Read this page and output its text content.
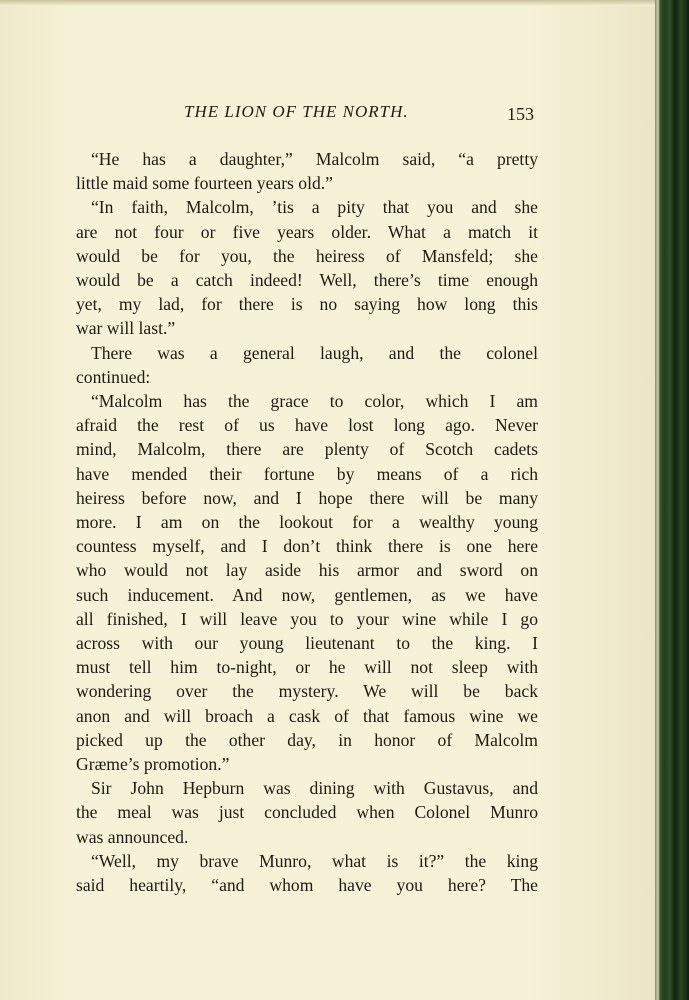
THE LION OF THE NORTH.	153

“He has a daughter,” Malcolm said, “a pretty

little maid some fourteen years old.”

“In faith, Malcolm, ’tis a pity that you and she

are not four or five years older. What a match it

would be for you, the heiress of Mansfeld; she

would be a catch indeed! Well, there’s time enough

yet, my lad, for there is no saying how long this

war will last.”

There was a general laugh, and the colonel

continued:

“Malcolm has the grace to color, which I am

afraid the rest of us have lost long ago. Never

mind, Malcolm, there are plenty of Scotch cadets

have mended their fortune by means of a rich

heiress before now, and I hope there will be many

more. I am on the lookout for a wealthy young

countess myself, and I don’t think there is one here

who would not lay aside his armor and sword on

such inducement. And now, gentlemen, as we have

all finished, I will leave you to your wine while I go

across with our young lieutenant to the king. I

must tell him to-night, or he will not sleep with

wondering over the mystery. We will be back

anon and will broach a cask of that famous wine we

picked up the other day, in honor of Malcolm

Græme’s promotion.”

Sir John Hepburn was dining with Gustavus, and

the meal was just concluded when Colonel Munro

was announced.

“Well, my brave Munro, what is it?” the king

said heartily, “and whom have you here? The
